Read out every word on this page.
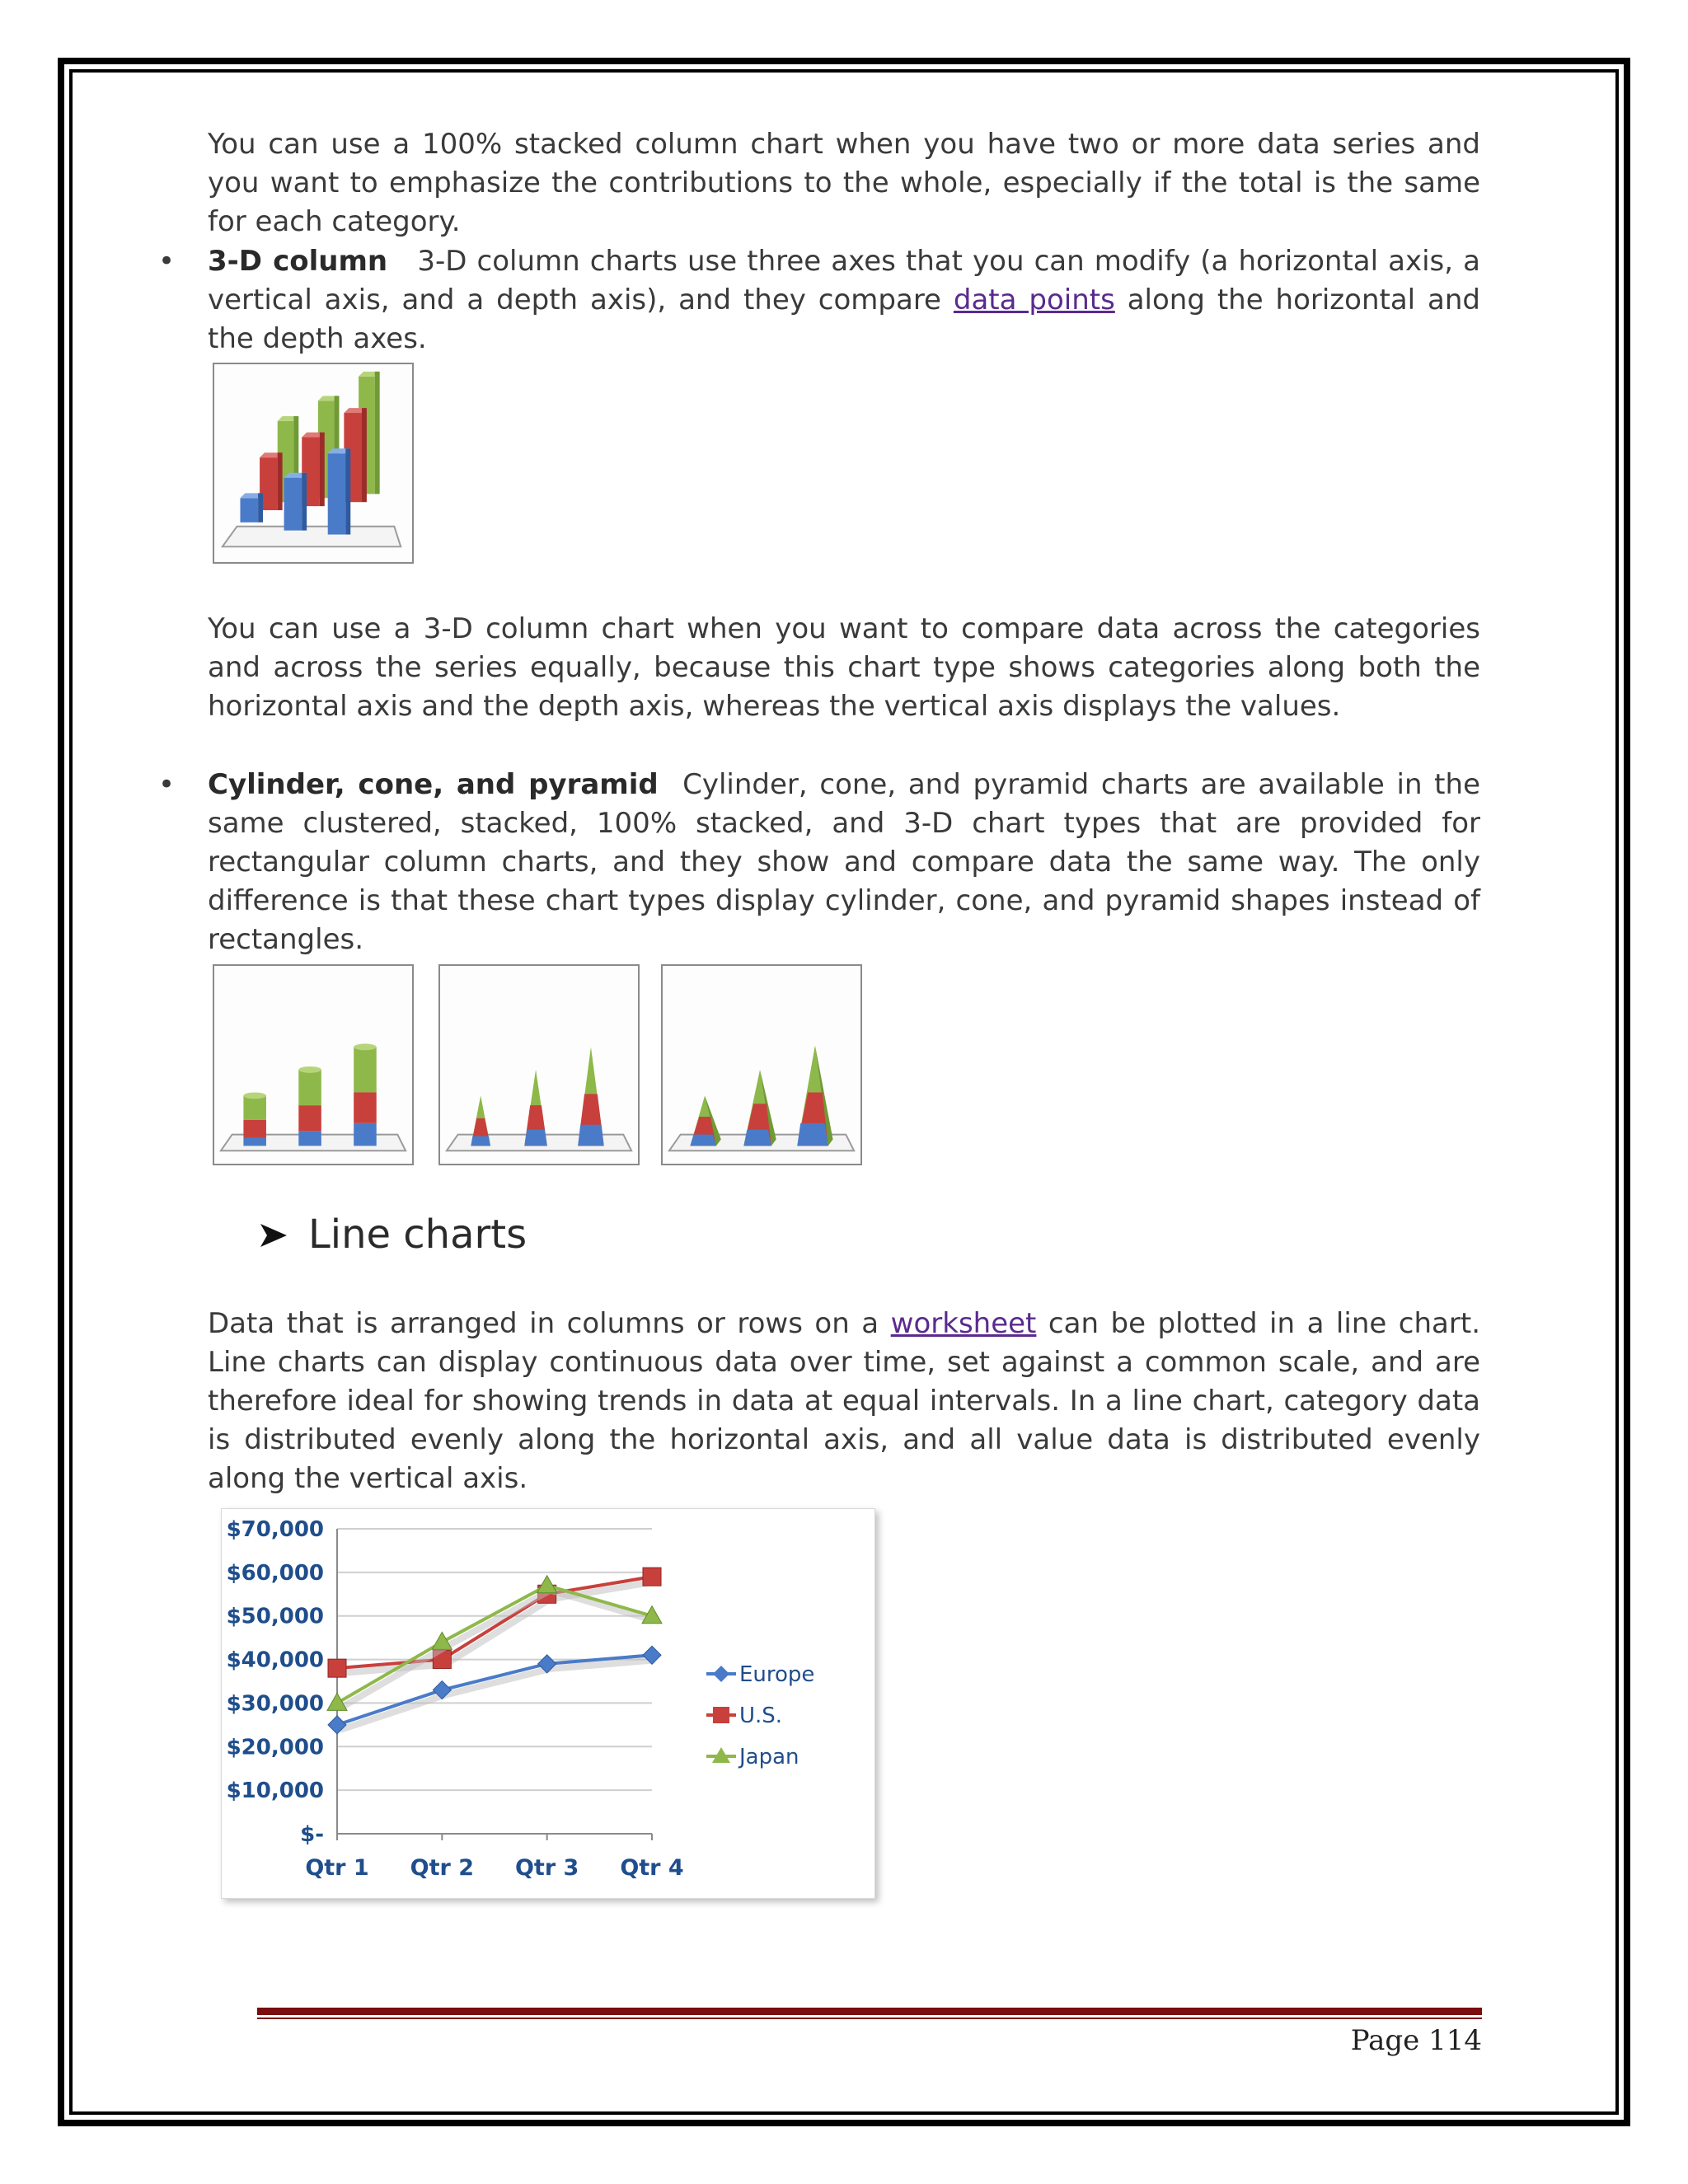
You can use a 100% stacked column chart when you have two or more data series and you want to emphasize the contributions to the whole, especially if the total is the same for each category.

• 3-D column 3-D column charts use three axes that you can modify (a horizontal axis, a vertical axis, and a depth axis), and they compare data points along the horizontal and the depth axes.

You can use a 3-D column chart when you want to compare data across the categories and across the series equally, because this chart type shows categories along both the horizontal axis and the depth axis, whereas the vertical axis displays the values.

• Cylinder, cone, and pyramid Cylinder, cone, and pyramid charts are available in the same clustered, stacked, 100% stacked, and 3-D chart types that are provided for rectangular column charts, and they show and compare data the same way. The only difference is that these chart types display cylinder, cone, and pyramid shapes instead of rectangles.

Line charts

Data that is arranged in columns or rows on a worksheet can be plotted in a line chart. Line charts can display continuous data over time, set against a common scale, and are therefore ideal for showing trends in data at equal intervals. In a line chart, category data is distributed evenly along the horizontal axis, and all value data is distributed evenly along the vertical axis.

$-
$10,000
$20,000
$30,000
$40,000
$50,000
$60,000
$70,000
Qtr 1 Qtr 2 Qtr 3 Qtr 4
Europe
U.S.
Japan
Page 114
